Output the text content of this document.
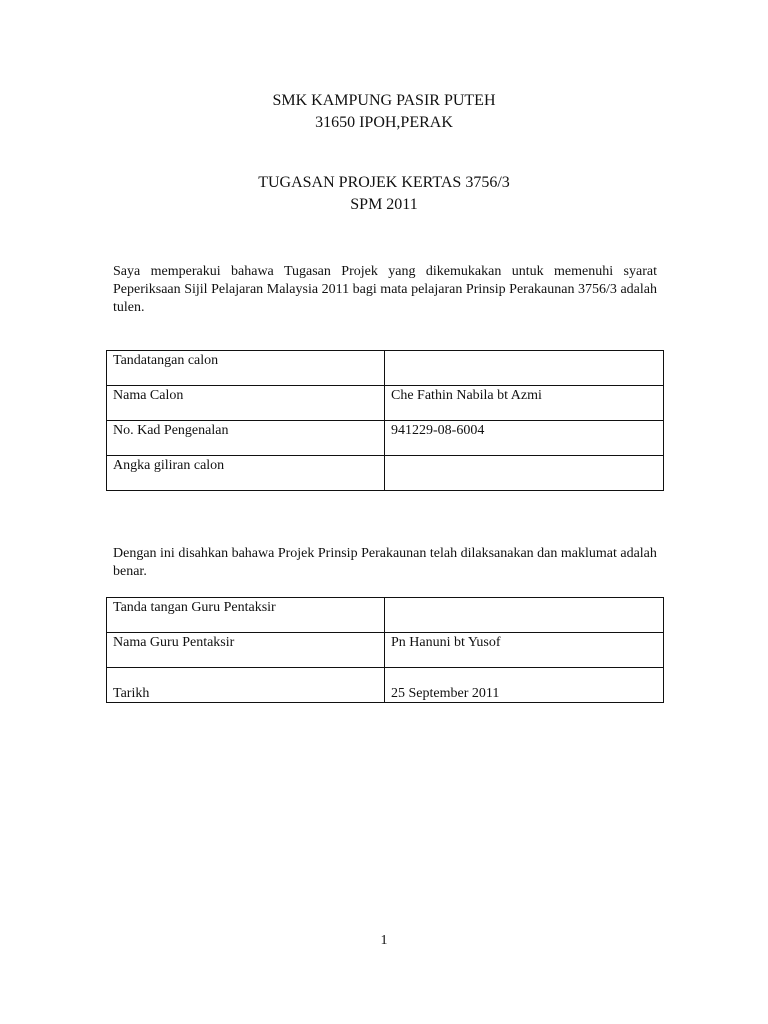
SMK KAMPUNG PASIR PUTEH
31650 IPOH,PERAK
TUGASAN PROJEK KERTAS 3756/3
SPM 2011

Saya memperakui bahawa Tugasan Projek yang dikemukakan untuk memenuhi syarat Peperiksaan Sijil Pelajaran Malaysia 2011 bagi mata pelajaran Prinsip Perakaunan 3756/3 adalah tulen.

Tandatangan calon	

Nama Calon	Che Fathin Nabila bt Azmi

No. Kad Pengenalan	941229-08-6004

Angka giliran calon	

Dengan ini disahkan bahawa Projek Prinsip Perakaunan telah dilaksanakan dan maklumat adalah benar.

Tanda tangan Guru Pentaksir	

Nama Guru Pentaksir	Pn Hanuni bt Yusof

Tarikh	25 September 2011
1
